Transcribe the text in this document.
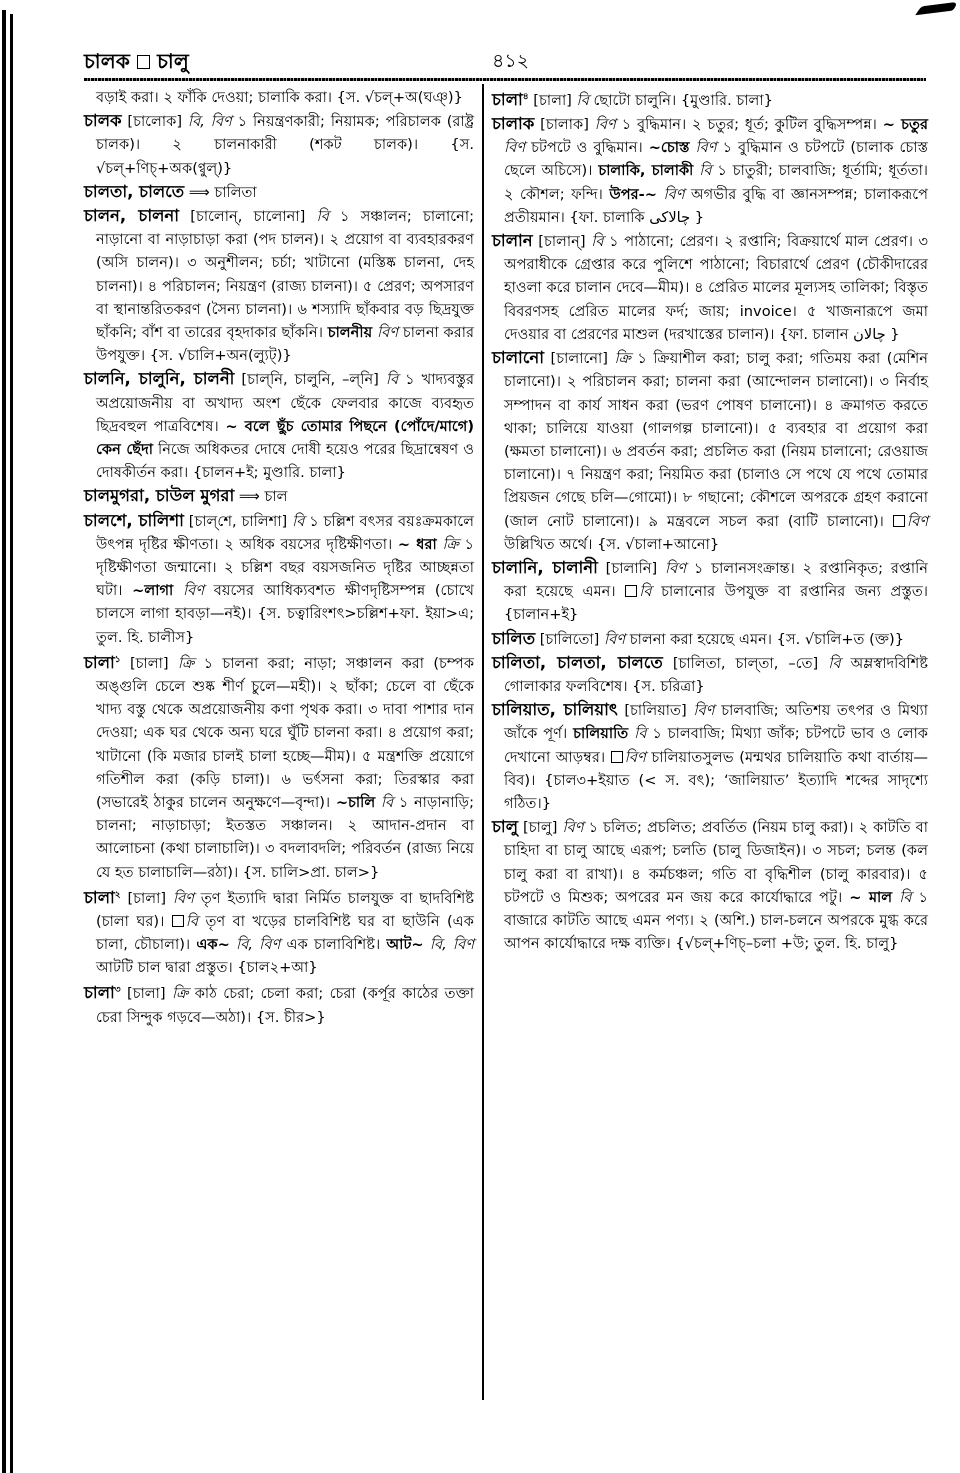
চালক চালু	৪১২

বড়াই করা। ২ ফাঁকি দেওয়া; চালাকি করা। {স. √চল্‌+অ(ঘঞ্‌)}

চালক [চালোক] বি, বিণ ১ নিয়ন্ত্রণকারী; নিয়ামক; পরিচালক (রাষ্ট্র চালক)। ২ চালনাকারী (শকট চালক)। {স. √চল্‌+ণিচ্‌+অক(ণ্বুল্‌)}

চালতা, চালতে ⟹ চালিতা

চালন, চালনা [চালোন্‌, চালোনা] বি ১ সঞ্চালন; চালানো; নাড়ানো বা নাড়াচাড়া করা (পদ চালন)। ২ প্রয়োগ বা ব্যবহারকরণ (অসি চালন)। ৩ অনুশীলন; চর্চা; খাটানো (মস্তিষ্ক চালনা, দেহ চালনা)। ৪ পরিচালন; নিয়ন্ত্রণ (রাজ্য চালনা)। ৫ প্রেরণ; অপসারণ বা স্থানান্তরিতকরণ (সৈন্য চালনা)। ৬ শস্যাদি ছাঁকবার বড় ছিদ্রযুক্ত ছাঁকনি; বাঁশ বা তারের বৃহদাকার ছাঁকনি। চালনীয় বিণ চালনা করার উপযুক্ত। {স. √চালি+অন(ল্যুট্‌)}

চালনি, চালুনি, চালনী [চাল্‌নি, চালুনি, –ল্‌নি] বি ১ খাদ্যবস্তুর অপ্রয়োজনীয় বা অখাদ্য অংশ ছেঁকে ফেলবার কাজে ব্যবহৃত ছিদ্রবহুল পাত্রবিশেষ। ~ বলে ছুঁচ তোমার পিছনে (পোঁদে/মাগে) কেন ছেঁদা নিজে অধিকতর দোষে দোষী হয়েও পরের ছিদ্রান্বেষণ ও দোষকীর্তন করা। {চালন+ই; মুণ্ডারি. চালা}

চালমুগরা, চাউল মুগরা ⟹ চাল

চালশে, চালিশা [চাল্‌শে, চালিশা] বি ১ চল্লিশ বৎসর বয়ঃক্রমকালে উৎপন্ন দৃষ্টির ক্ষীণতা। ২ অধিক বয়সের দৃষ্টিক্ষীণতা। ~ ধরা ক্রি ১ দৃষ্টিক্ষীণতা জন্মানো। ২ চল্লিশ বছর বয়সজনিত দৃষ্টির আচ্ছন্নতা ঘটা। ~লাগা বিণ বয়সের আধিক্যবশত ক্ষীণদৃষ্টিসম্পন্ন (চোখে চালসে লাগা হাবড়া—নই)। {স. চত্বারিংশৎ>চল্লিশ+ফা. ইয়া>এ; তুল. হি. চালীস}

চালা$^১$ [চালা] ক্রি ১ চালনা করা; নাড়া; সঞ্চালন করা (চম্পক অঙ্গুলি চেলে শুষ্ক শীর্ণ চুলে—মহী)। ২ ছাঁকা; চেলে বা ছেঁকে খাদ্য বস্তু থেকে অপ্রয়োজনীয় কণা পৃথক করা। ৩ দাবা পাশার দান দেওয়া; এক ঘর থেকে অন্য ঘরে ঘুঁটি চালনা করা। ৪ প্রয়োগ করা; খাটানো (কি মজার চালই চালা হচ্ছে—মীম)। ৫ মন্ত্রশক্তি প্রয়োগে গতিশীল করা (কড়ি চালা)। ৬ ভর্ৎসনা করা; তিরস্কার করা (সভারেই ঠাকুর চালেন অনুক্ষণে—বৃন্দা)। ~চালি বি ১ নাড়ানাড়ি; চালনা; নাড়াচাড়া; ইতস্তত সঞ্চালন। ২ আদান-প্রদান বা আলোচনা (কথা চালাচালি)। ৩ বদলাবদলি; পরিবর্তন (রাজ্য নিয়ে যে হত চালাচালি—রঠা)। {স. চালি>প্রা. চাল>}

চালা$^২$ [চালা] বিণ তৃণ ইত্যাদি দ্বারা নির্মিত চালযুক্ত বা ছাদবিশিষ্ট (চালা ঘর)। বি তৃণ বা খড়ের চালবিশিষ্ট ঘর বা ছাউনি (এক চালা, চৌচালা)। এক~ বি, বিণ এক চালাবিশিষ্ট। আট~ বি, বিণ আটটি চাল দ্বারা প্রস্তুত। {চাল২+আ}

চালা$^৩$ [চালা] ক্রি কাঠ চেরা; চেলা করা; চেরা (কর্পূর কাঠের তক্তা চেরা সিন্দুক গড়বে—অঠা)। {স. চীর>}

চালা$^৪$ [চালা] বি ছোটো চালুনি। {মুণ্ডারি. চালা}

চালাক [চালাক] বিণ ১ বুদ্ধিমান। ২ চতুর; ধূর্ত; কুটিল বুদ্ধিসম্পন্ন। ~ চতুর বিণ চটপটে ও বুদ্ধিমান। ~চোস্ত বিণ ১ বুদ্ধিমান ও চটপটে (চালাক চোস্ত ছেলে অচিসে)। চালাকি, চালাকী বি ১ চাতুরী; চালবাজি; ধূর্তামি; ধূর্ততা। ২ কৌশল; ফন্দি। উপর-~ বিণ অগভীর বুদ্ধি বা জ্ঞানসম্পন্ন; চালাকরূপে প্রতীয়মান। {ফা. চালাকি چالاکی }

চালান [চালান্‌] বি ১ পাঠানো; প্রেরণ। ২ রপ্তানি; বিক্রয়ার্থে মাল প্রেরণ। ৩ অপরাধীকে গ্রেপ্তার করে পুলিশে পাঠানো; বিচারার্থে প্রেরণ (চৌকীদারের হাওলা করে চালান দেবে—মীম)। ৪ প্রেরিত মালের মূল্যসহ তালিকা; বিস্তৃত বিবরণসহ প্রেরিত মালের ফর্দ; জায়; invoice। ৫ খাজনারূপে জমা দেওয়ার বা প্রেরণের মাশুল (দরখাস্তের চালান)। {ফা. চালান چالان }

চালানো [চালানো] ক্রি ১ ক্রিয়াশীল করা; চালু করা; গতিময় করা (মেশিন চালানো)। ২ পরিচালন করা; চালনা করা (আন্দোলন চালানো)। ৩ নির্বাহ সম্পাদন বা কার্য সাধন করা (ভরণ পোষণ চালানো)। ৪ ক্রমাগত করতে থাকা; চালিয়ে যাওয়া (গালগল্প চালানো)। ৫ ব্যবহার বা প্রয়োগ করা (ক্ষমতা চালানো)। ৬ প্রবর্তন করা; প্রচলিত করা (নিয়ম চালানো; রেওয়াজ চালানো)। ৭ নিয়ন্ত্রণ করা; নিয়মিত করা (চালাও সে পথে যে পথে তোমার প্রিয়জন গেছে চলি—গোমো)। ৮ গছানো; কৌশলে অপরকে গ্রহণ করানো (জাল নোট চালানো)। ৯ মন্ত্রবলে সচল করা (বাটি চালানো)। বিণ উল্লিখিত অর্থে। {স. √চালা+আনো}

চালানি, চালানী [চালানি] বিণ ১ চালানসংক্রান্ত। ২ রপ্তানিকৃত; রপ্তানি করা হয়েছে এমন। বি চালানোর উপযুক্ত বা রপ্তানির জন্য প্রস্তুত। {চালান+ই}

চালিত [চালিতো] বিণ চালনা করা হয়েছে এমন। {স. √চালি+ত (ক্ত)}

চালিতা, চালতা, চালতে [চালিতা, চাল্‌তা, –তে] বি অম্লস্বাদবিশিষ্ট গোলাকার ফলবিশেষ। {স. চরিত্রা}

চালিয়াত, চালিয়াৎ [চালিয়াত] বিণ চালবাজি; অতিশয় তৎপর ও মিথ্যা জাঁকে পূর্ণ। চালিয়াতি বি ১ চালবাজি; মিথ্যা জাঁক; চটপটে ভাব ও লোক দেখানো আড়ম্বর। বিণ চালিয়াতসুলভ (মন্মথর চালিয়াতি কথা বার্তায়—বিব)। {চাল৩+ইয়াত (< স. বৎ); ‘জালিয়াত’ ইত্যাদি শব্দের সাদৃশ্যে গঠিত।}

চালু [চালু] বিণ ১ চলিত; প্রচলিত; প্রবর্তিত (নিয়ম চালু করা)। ২ কাটতি বা চাহিদা বা চালু আছে এরূপ; চলতি (চালু ডিজাইন)। ৩ সচল; চলন্ত (কল চালু করা বা রাখা)। ৪ কর্মচঞ্চল; গতি বা বৃদ্ধিশীল (চালু কারবার)। ৫ চটপটে ও মিশুক; অপরের মন জয় করে কার্যোদ্ধারে পটু। ~ মাল বি ১ বাজারে কাটতি আছে এমন পণ্য। ২ (অশি.) চাল-চলনে অপরকে মুগ্ধ করে আপন কার্যোদ্ধারে দক্ষ ব্যক্তি। {√চল্‌+ণিচ্‌–চলা +উ; তুল. হি. চালু}
